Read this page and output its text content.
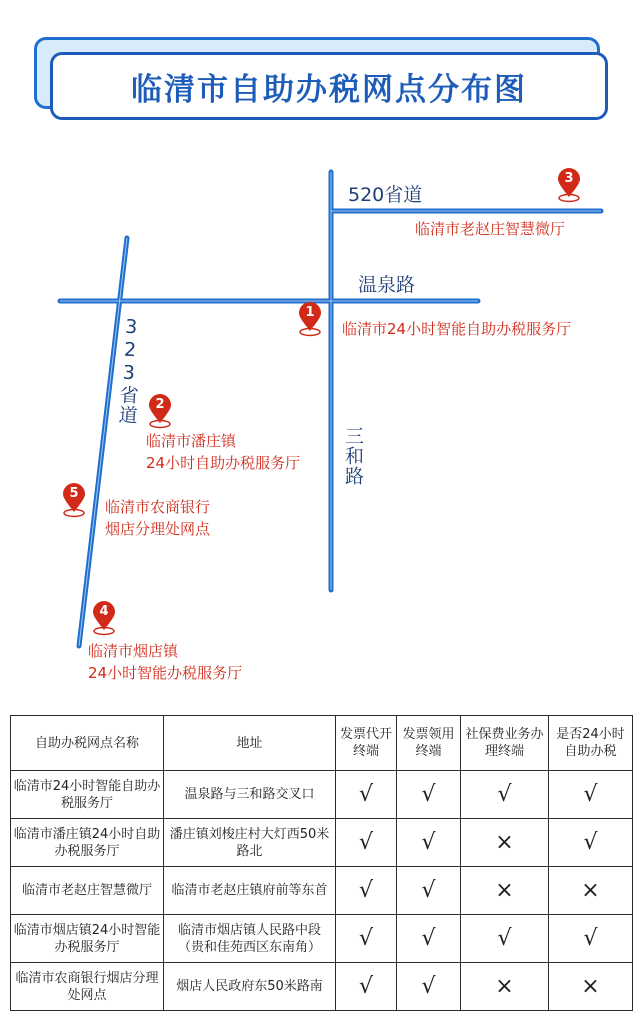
临清市自助办税网点分布图
520省道
温泉路
323省道
三和路
1
临清市24小时智能自助办税服务厅
2
临清市潘庄镇
24小时自助办税服务厅
3
临清市老赵庄智慧微厅
4
临清市烟店镇
24小时智能办税服务厅
5
临清市农商银行
烟店分理处网点
自助办税网点名称	地址	发票代开终端	发票领用终端	社保费业务办理终端	是否24小时自助办税
临清市24小时智能自助办税服务厅	温泉路与三和路交叉口	√	√	√	√
临清市潘庄镇24小时自助办税服务厅	潘庄镇刘梭庄村大灯西50米路北	√	√	×	√
临清市老赵庄智慧微厅	临清市老赵庄镇府前等东首	√	√	×	×
临清市烟店镇24小时智能办税服务厅	临清市烟店镇人民路中段（贵和佳苑西区东南角）	√	√	√	√
临清市农商银行烟店分理处网点	烟店人民政府东50米路南	√	√	×	×
